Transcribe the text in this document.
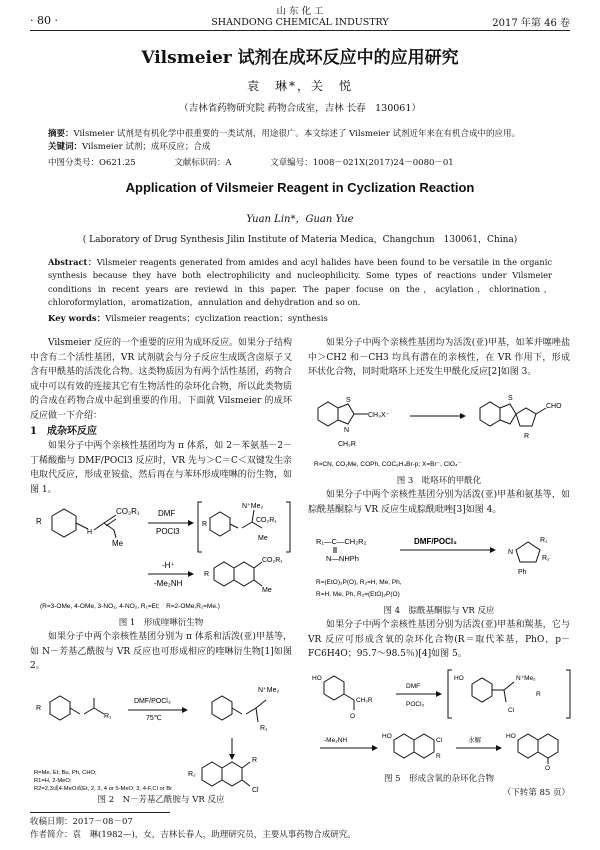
· 80 ·
山 东 化 工
SHANDONG CHEMICAL INDUSTRY	2017 年第 46 卷
Vilsmeier 试剂在成环反应中的应用研究
袁　琳*，关　悦
（吉林省药物研究院 药物合成室，吉林 长春　130061）
摘要：Vilsmeier 试剂是有机化学中很重要的一类试剂，用途很广。本文综述了 Vilsmeier 试剂近年来在有机合成中的应用。
关键词：Vilsmeier 试剂；成环反应；合成
中图分类号：O621.25	文献标识码：A	文章编号：1008－021X(2017)24－0080－01
Application of Vilsmeier Reagent in Cyclization Reaction
Yuan Lin*，Guan Yue
( Laboratory of Drug Synthesis Jilin Institute of Materia Medica，Changchun　130061，China)
Abstract：Vilsmeier reagents generated from amides and acyl halides have been found to be versatile in the organic synthesis because they have both electrophilicity and nucleophilicity. Some types of reactions under Vilsmeier conditions in recent years are reviewd in this paper. The paper focuse on the，acylation，chlorination，chloroformylation，aromatization，annulation and dehydration and so on.
Key words：Vilsmeier reagents；cyclization reaction；synthesis
Vilsmeier 反应的一个重要的应用为成环反应。如果分子结构中含有二个活性基团，VR 试剂就会与分子反应生成既含卤原子又含有甲酰基的活泼化合物。这类物质因为有两个活性基团，药物合成中可以有效的连接其它有生物活性的杂环化合物，所以此类物质的合成在药物合成中起到重要的作用。下面就 Vilsmeier 的成环反应做一下介绍：
1　成杂环反应
如果分子中两个亲核性基团均为 π 体系，如 2－苯氨基－2－丁稀酸酯与 DMF/POCl3 反应时，VR 先与＞C＝C＜双键发生亲电取代反应，形成亚铵盐，然后再在与苯环形成喹啉的衍生物，如图 1。
R
H
CO₂R₁
Me
DMF
POCl3
N⁺Me₂
CO₂R₁
Me
R
-H⁺
-Me₂NH
CO₂R₁
Me
R
(R=3-OMe, 4-OMe, 3-NO₂, 4-NO₂, R₁=Et;　R=2-OMe,R₁=Me.)
图 1　形成喹啉衍生物
如果分子中两个亲核性基团分别为 π 体系和活泼(亚)甲基等，如 N－芳基乙酰胺与 VR 反应也可形成相应的喹啉衍生物[1]如图 2。
R
R₁
DMF/POCl₃
75℃
N⁺Me₂
R₁
R₂
R
Cl
R=Me, Et, Bu, Ph, CHO;
R1=H, 2-MeO;
R2=2,3或4-MeO或Et, 2, 3, 4 or 5-MeO; 3, 4-F,Cl or Br
图 2　N－芳基乙酰胺与 VR 反应
如果分子中两个亲核性基团均为活泼(亚)甲基，如苯并噻唑盐中＞CH2 和－CH3 均具有潜在的亲核性，在 VR 作用下，形成环状化合物，同时吡咯环上还发生甲酰化反应[2]如图 3。
S
N
CH₂R
CH₃X⁻
S
CHO
R
R=CN, CO₂Me, COPh, COC₆H₄Br-p; X=Br⁻, ClO₄⁻
图 3　吡咯环的甲酰化
如果分子中两个亲核性基团分别为活泼(亚)甲基和氨基等，如腙酰基酮腙与 VR 反应生成腙酰吡唑[3]如图 4。
R₁—C—CH₂R₂
N—NHPh
DMF/POCl₃	R₁
R₂
N
Ph
R=(EtO)₂P(O), R₂=H, Me, Ph,
R=H, Me, Ph, R₂=(EtO)₂P(O)
图 4　腙酰基酮腙与 VR 反应
如果分子中两个亲核性基团分别为活泼(亚)甲基和羰基，它与 VR 反应可形成含氧的杂环化合物(R＝取代苯基，PhO，p－FC6H4O；95.7～98.5％)[4]如图 5。
HO
O
CH₂R
DMF
POCl₃
HO	N⁺Me₂
Cl
R
-Me₂NH
HO
Cl
R
水解
HO
O
图 5　形成含氧的杂环化合物
（下转第 85 页）
收稿日期：2017－08－07
作者简介：袁　琳(1982—)，女，吉林长春人，助理研究员，主要从事药物合成研究。
